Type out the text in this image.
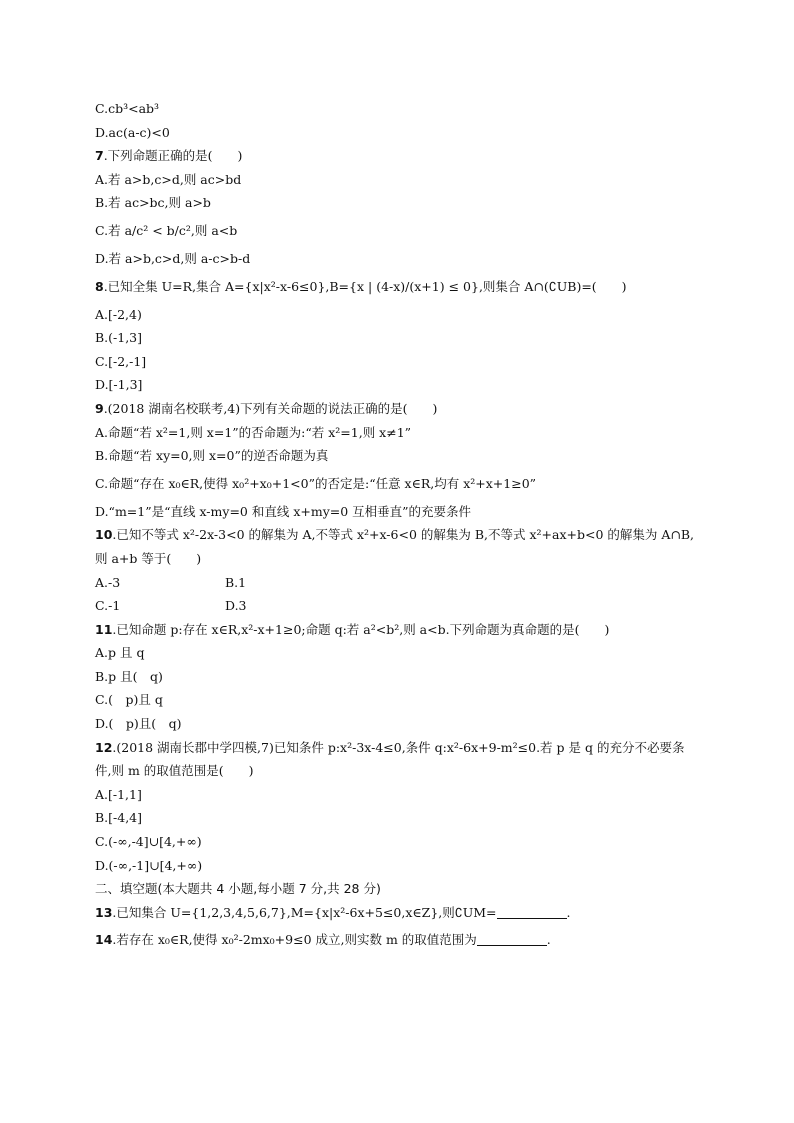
C.cb³<ab³
D.ac(a-c)<0
7.下列命题正确的是(　　)
A.若 a>b,c>d,则 ac>bd
B.若 ac>bc,则 a>b
C.若 a/c² < b/c²,则 a<b
D.若 a>b,c>d,则 a-c>b-d
8.已知全集 U=R,集合 A={x|x²-x-6≤0},B={x | (4-x)/(x+1) ≤ 0},则集合 A∩(∁UB)=(　　)
A.[-2,4)
B.(-1,3]
C.[-2,-1]
D.[-1,3]
9.(2018 湖南名校联考,4)下列有关命题的说法正确的是(　　)
A.命题“若 x²=1,则 x=1”的否命题为:“若 x²=1,则 x≠1”
B.命题“若 xy=0,则 x=0”的逆否命题为真
C.命题“存在 x₀∈R,使得 x₀²+x₀+1<0”的否定是:“任意 x∈R,均有 x²+x+1≥0”
D.“m=1”是“直线 x-my=0 和直线 x+my=0 互相垂直”的充要条件
10.已知不等式 x²-2x-3<0 的解集为 A,不等式 x²+x-6<0 的解集为 B,不等式 x²+ax+b<0 的解集为 A∩B,
则 a+b 等于(　　)
A.-3	B.1
C.-1	D.3
11.已知命题 p:存在 x∈R,x²-x+1≥0;命题 q:若 a²<b²,则 a<b.下列命题为真命题的是(　　)
A.p 且 q
B.p 且(　q)
C.(　p)且 q
D.(　p)且(　q)
12.(2018 湖南长郡中学四模,7)已知条件 p:x²-3x-4≤0,条件 q:x²-6x+9-m²≤0.若 p 是 q 的充分不必要条
件,则 m 的取值范围是(　　)
A.[-1,1]
B.[-4,4]
C.(-∞,-4]∪[4,+∞)
D.(-∞,-1]∪[4,+∞)
二、填空题(本大题共 4 小题,每小题 7 分,共 28 分)
13.已知集合 U={1,2,3,4,5,6,7},M={x|x²-6x+5≤0,x∈Z},则∁UM=	.
14.若存在 x₀∈R,使得 x₀²-2mx₀+9≤0 成立,则实数 m 的取值范围为	.
